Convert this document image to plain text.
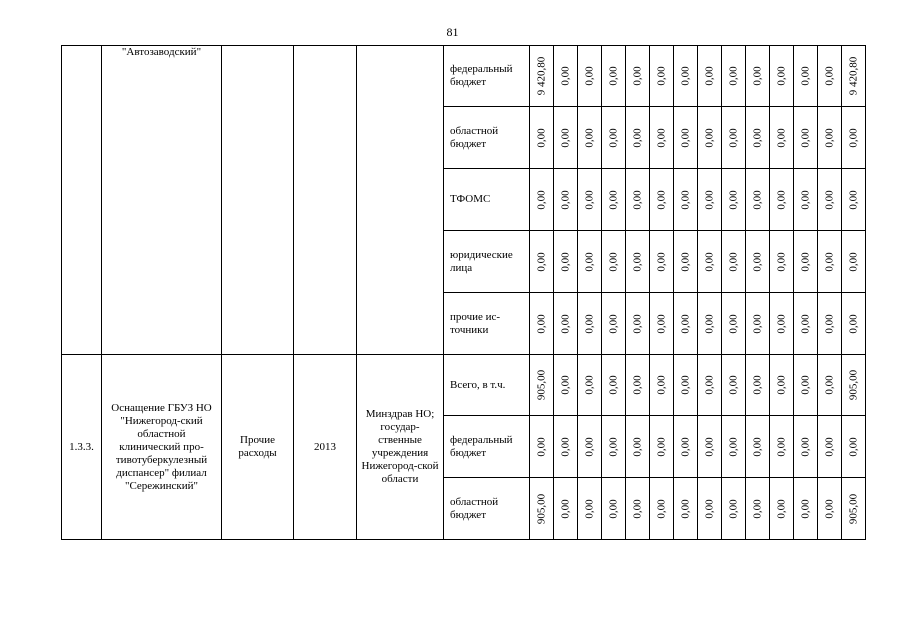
81
	"Автозаводский"				федеральный бюджет	9 420,80	0,00	0,00	0,00	0,00	0,00	0,00	0,00	0,00	0,00	0,00	0,00	0,00	9 420,80

					областной бюджет	0,00	0,00	0,00	0,00	0,00	0,00	0,00	0,00	0,00	0,00	0,00	0,00	0,00	0,00

					ТФОМС	0,00	0,00	0,00	0,00	0,00	0,00	0,00	0,00	0,00	0,00	0,00	0,00	0,00	0,00

					юридические лица	0,00	0,00	0,00	0,00	0,00	0,00	0,00	0,00	0,00	0,00	0,00	0,00	0,00	0,00

					прочие ис-точники	0,00	0,00	0,00	0,00	0,00	0,00	0,00	0,00	0,00	0,00	0,00	0,00	0,00	0,00

1.3.3.	Оснащение ГБУЗ НО "Нижегород-ский областной клинический про-тивотуберкулезный диспансер" филиал "Сережинский"	Прочие расходы	2013	Минздрав НО; государ-ственные учреждения Нижегород-ской области	Всего, в т.ч.	905,00	0,00	0,00	0,00	0,00	0,00	0,00	0,00	0,00	0,00	0,00	0,00	0,00	905,00

					федеральный бюджет	0,00	0,00	0,00	0,00	0,00	0,00	0,00	0,00	0,00	0,00	0,00	0,00	0,00	0,00

					областной бюджет	905,00	0,00	0,00	0,00	0,00	0,00	0,00	0,00	0,00	0,00	0,00	0,00	0,00	905,00
